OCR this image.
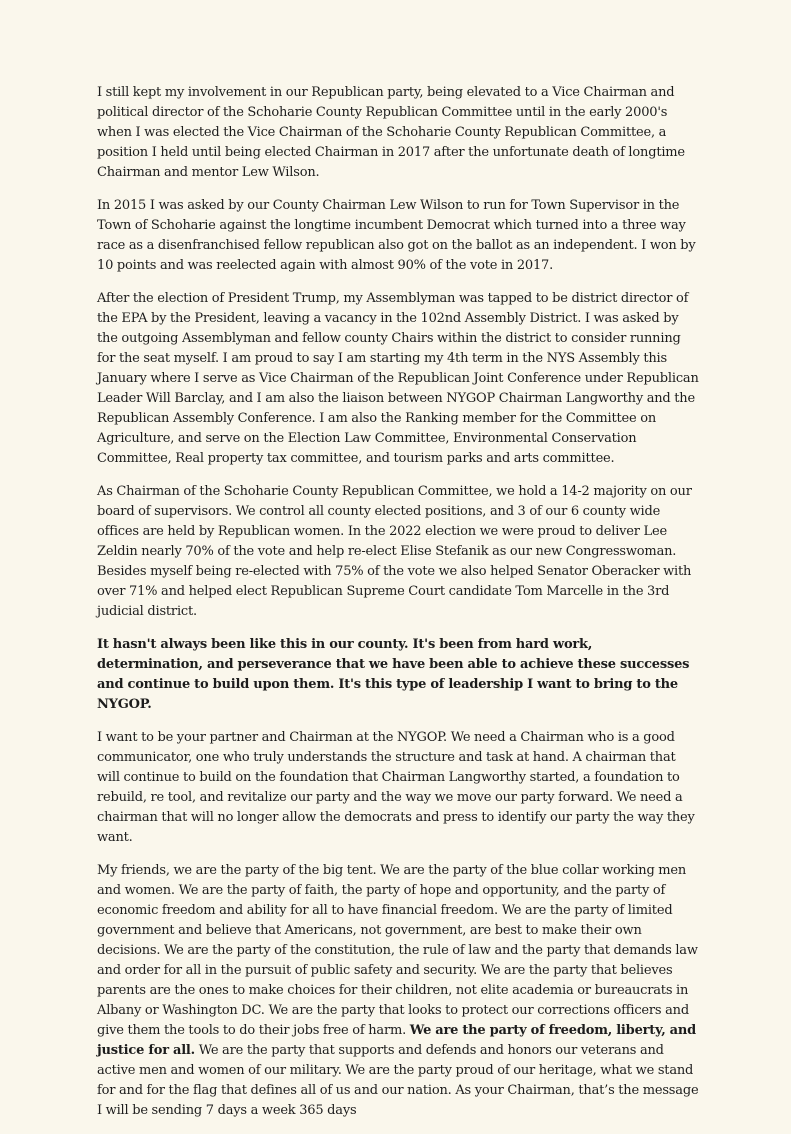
I still kept my involvement in our Republican party, being elevated to a Vice Chairman and political director of the Schoharie County Republican Committee until in the early 2000's when I was elected the Vice Chairman of the Schoharie County Republican Committee, a position I held until being elected Chairman in 2017 after the unfortunate death of longtime Chairman and mentor Lew Wilson.

In 2015 I was asked by our County Chairman Lew Wilson to run for Town Supervisor in the Town of Schoharie against the longtime incumbent Democrat which turned into a three way race as a disenfranchised fellow republican also got on the ballot as an independent. I won by 10 points and was reelected again with almost 90% of the vote in 2017.

After the election of President Trump, my Assemblyman was tapped to be district director of the EPA by the President, leaving a vacancy in the 102nd Assembly District. I was asked by the outgoing Assemblyman and fellow county Chairs within the district to consider running for the seat myself. I am proud to say I am starting my 4th term in the NYS Assembly this January where I serve as Vice Chairman of the Republican Joint Conference under Republican Leader Will Barclay, and I am also the liaison between NYGOP Chairman Langworthy and the Republican Assembly Conference. I am also the Ranking member for the Committee on Agriculture, and serve on the Election Law Committee, Environmental Conservation Committee, Real property tax committee, and tourism parks and arts committee.

As Chairman of the Schoharie County Republican Committee, we hold a 14-2 majority on our board of supervisors. We control all county elected positions, and 3 of our 6 county wide offices are held by Republican women. In the 2022 election we were proud to deliver Lee Zeldin nearly 70% of the vote and help re-elect Elise Stefanik as our new Congresswoman. Besides myself being re-elected with 75% of the vote we also helped Senator Oberacker with over 71% and helped elect Republican Supreme Court candidate Tom Marcelle in the 3rd judicial district.

It hasn't always been like this in our county. It's been from hard work, determination, and perseverance that we have been able to achieve these successes and continue to build upon them. It's this type of leadership I want to bring to the NYGOP.

I want to be your partner and Chairman at the NYGOP. We need a Chairman who is a good communicator, one who truly understands the structure and task at hand. A chairman that will continue to build on the foundation that Chairman Langworthy started, a foundation to rebuild, re tool, and revitalize our party and the way we move our party forward. We need a chairman that will no longer allow the democrats and press to identify our party the way they want.

My friends, we are the party of the big tent. We are the party of the blue collar working men and women. We are the party of faith, the party of hope and opportunity, and the party of economic freedom and ability for all to have financial freedom. We are the party of limited government and believe that Americans, not government, are best to make their own decisions. We are the party of the constitution, the rule of law and the party that demands law and order for all in the pursuit of public safety and security. We are the party that believes parents are the ones to make choices for their children, not elite academia or bureaucrats in Albany or Washington DC. We are the party that looks to protect our corrections officers and give them the tools to do their jobs free of harm. We are the party of freedom, liberty, and justice for all. We are the party that supports and defends and honors our veterans and active men and women of our military. We are the party proud of our heritage, what we stand for and for the flag that defines all of us and our nation. As your Chairman, that’s the message I will be sending 7 days a week 365 days
